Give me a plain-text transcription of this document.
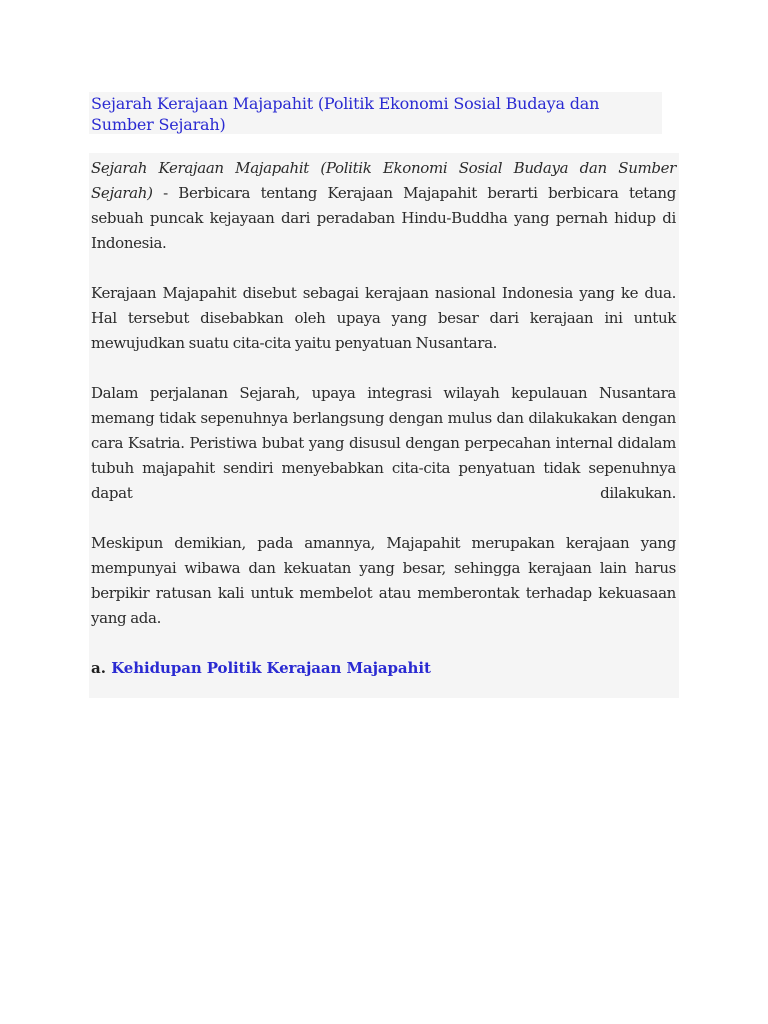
Sejarah Kerajaan Majapahit (Politik Ekonomi Sosial Budaya dan Sumber Sejarah)

Sejarah Kerajaan Majapahit (Politik Ekonomi Sosial Budaya dan Sumber Sejarah) - Berbicara tentang Kerajaan Majapahit berarti berbicara tetang sebuah puncak kejayaan dari peradaban Hindu-Buddha yang pernah hidup di Indonesia.

Kerajaan Majapahit disebut sebagai kerajaan nasional Indonesia yang ke dua. Hal tersebut disebabkan oleh upaya yang besar dari kerajaan ini untuk mewujudkan suatu cita-cita yaitu penyatuan Nusantara.

Dalam perjalanan Sejarah, upaya integrasi wilayah kepulauan Nusantara memang tidak sepenuhnya berlangsung dengan mulus dan dilakukakan dengan cara Ksatria. Peristiwa bubat yang disusul dengan perpecahan internal didalam tubuh majapahit sendiri menyebabkan cita-cita penyatuan tidak sepenuhnya dapat dilakukan.

Meskipun demikian, pada amannya, Majapahit merupakan kerajaan yang mempunyai wibawa dan kekuatan yang besar, sehingga kerajaan lain harus berpikir ratusan kali untuk membelot atau memberontak terhadap kekuasaan yang ada.

a. Kehidupan Politik Kerajaan Majapahit
